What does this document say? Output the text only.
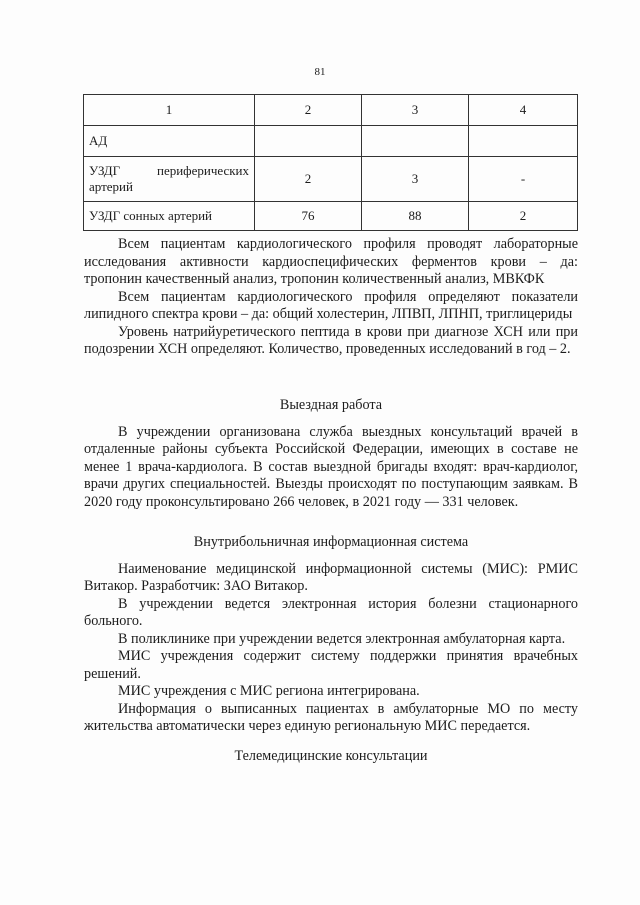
81
1	2	3	4
АД			

УЗДГ периферических
артерий	2	3	-
УЗДГ сонных артерий	76	88	2

Всем пациентам кардиологического профиля проводят лабораторные исследования активности кардиоспецифических ферментов крови – да: тропонин качественный анализ, тропонин количественный анализ, МВКФК

Всем пациентам кардиологического профиля определяют показатели липидного спектра крови – да: общий холестерин, ЛПВП, ЛПНП, триглицериды

Уровень натрийуретического пептида в крови при диагнозе ХСН или при подозрении ХСН определяют. Количество, проведенных исследований в год – 2.

Выездная работа

В учреждении организована служба выездных консультаций врачей в отдаленные районы субъекта Российской Федерации, имеющих в составе не менее 1 врача-кардиолога. В состав выездной бригады входят: врач-кардиолог, врачи других специальностей. Выезды происходят по поступающим заявкам. В 2020 году проконсультировано 266 человек, в 2021 году — 331 человек.

Внутрибольничная информационная система

Наименование медицинской информационной системы (МИС): РМИС Витакор. Разработчик: ЗАО Витакор.

В учреждении ведется электронная история болезни стационарного больного.

В поликлинике при учреждении ведется электронная амбулаторная карта.

МИС учреждения содержит систему поддержки принятия врачебных решений.

МИС учреждения с МИС региона интегрирована.

Информация о выписанных пациентах в амбулаторные МО по месту жительства автоматически через единую региональную МИС передается.

Телемедицинские консультации
